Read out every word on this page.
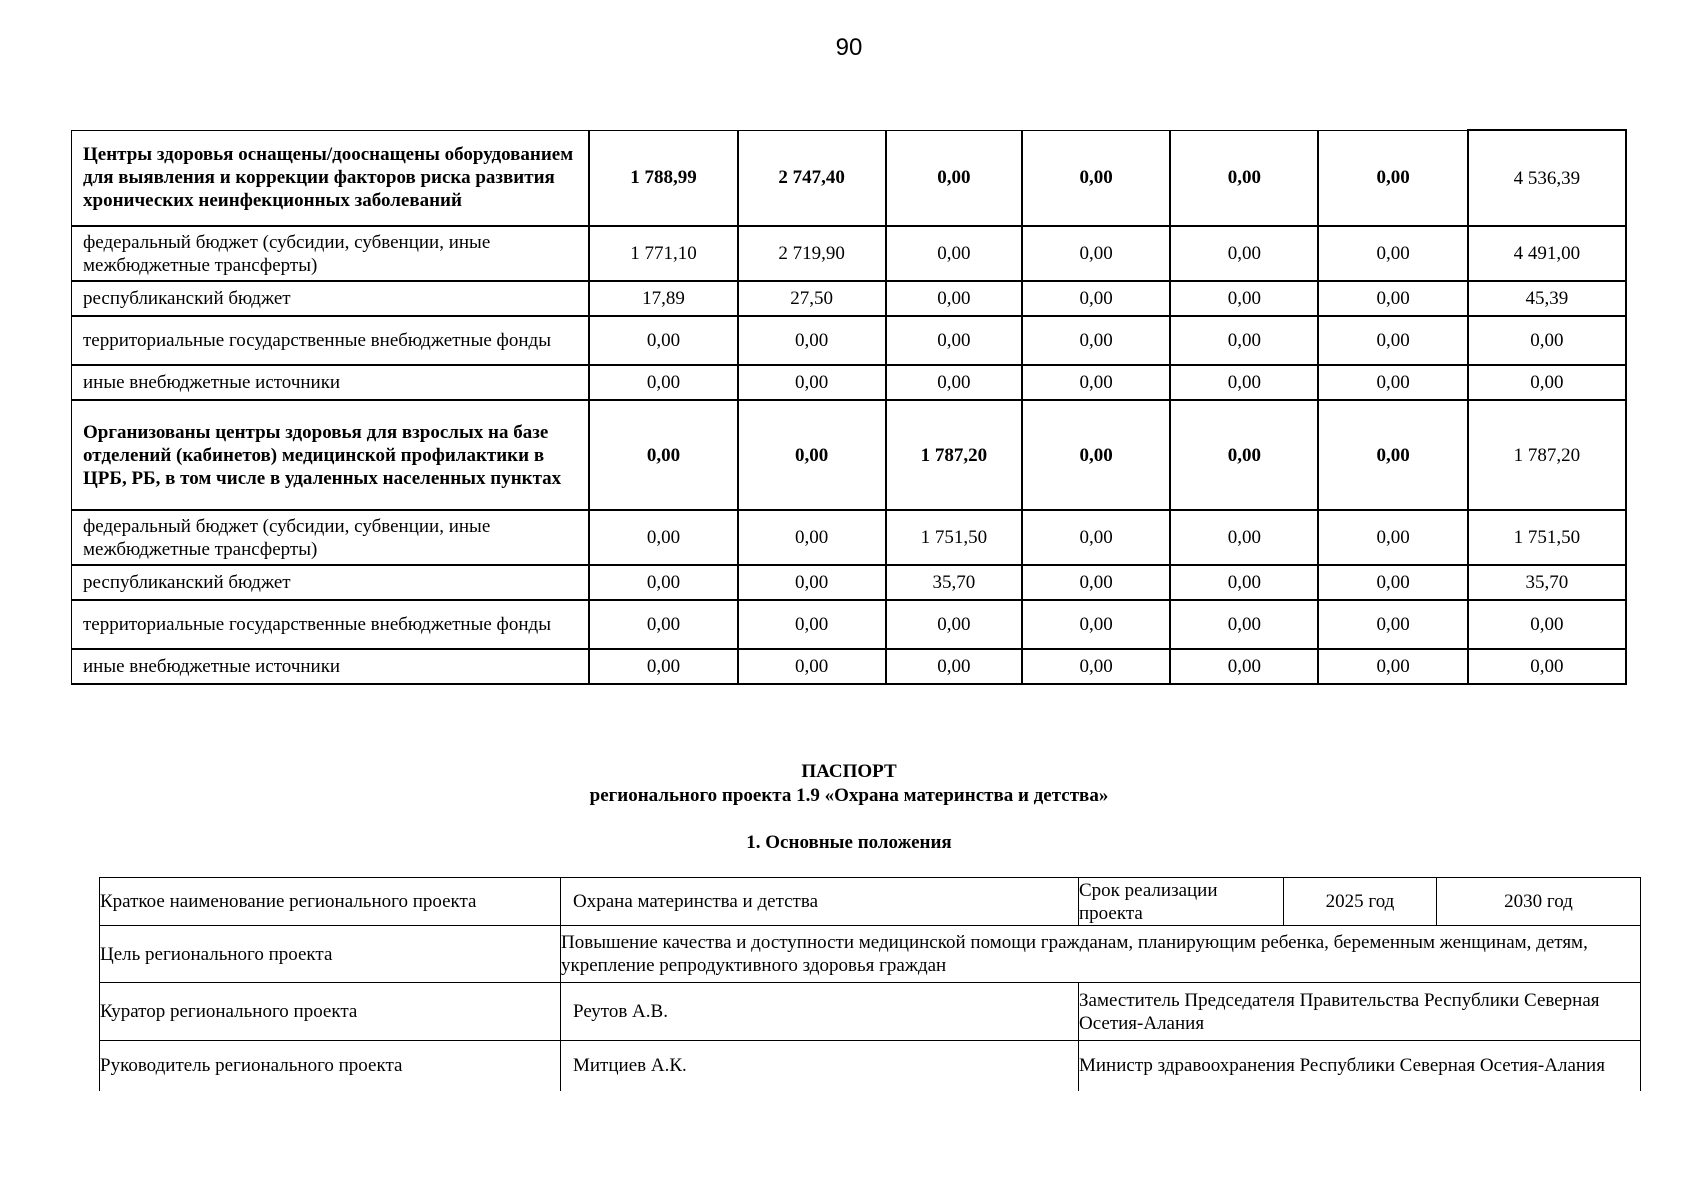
90
Центры здоровья оснащены/дооснащены оборудованием для выявления и коррекции факторов риска развития хронических неинфекционных заболеваний	1 788,99	2 747,40	0,00	0,00	0,00	0,00	4 536,39
федеральный бюджет (субсидии, субвенции, иные межбюджетные трансферты)	1 771,10	2 719,90	0,00	0,00	0,00	0,00	4 491,00
республиканский бюджет	17,89	27,50	0,00	0,00	0,00	0,00	45,39
территориальные государственные внебюджетные фонды	0,00	0,00	0,00	0,00	0,00	0,00	0,00
иные внебюджетные источники	0,00	0,00	0,00	0,00	0,00	0,00	0,00
Организованы центры здоровья для взрослых на базе отделений (кабинетов) медицинской профилактики в ЦРБ, РБ, в том числе в удаленных населенных пунктах	0,00	0,00	1 787,20	0,00	0,00	0,00	1 787,20
федеральный бюджет (субсидии, субвенции, иные межбюджетные трансферты)	0,00	0,00	1 751,50	0,00	0,00	0,00	1 751,50
республиканский бюджет	0,00	0,00	35,70	0,00	0,00	0,00	35,70
территориальные государственные внебюджетные фонды	0,00	0,00	0,00	0,00	0,00	0,00	0,00
иные внебюджетные источники	0,00	0,00	0,00	0,00	0,00	0,00	0,00
ПАСПОРТ
регионального проекта 1.9 «Охрана материнства и детства»
1. Основные положения
Краткое наименование регионального проекта	Охрана материнства и детства	Срок реализации проекта	2025 год	2030 год
Цель регионального проекта	Повышение качества и доступности медицинской помощи гражданам, планирующим ребенка, беременным женщинам, детям, укрепление репродуктивного здоровья граждан			
Куратор регионального проекта	Реутов А.В.	Заместитель Председателя Правительства Республики Северная Осетия-Алания		
Руководитель регионального проекта	Митциев А.К.	Министр здравоохранения Республики Северная Осетия-Алания		
